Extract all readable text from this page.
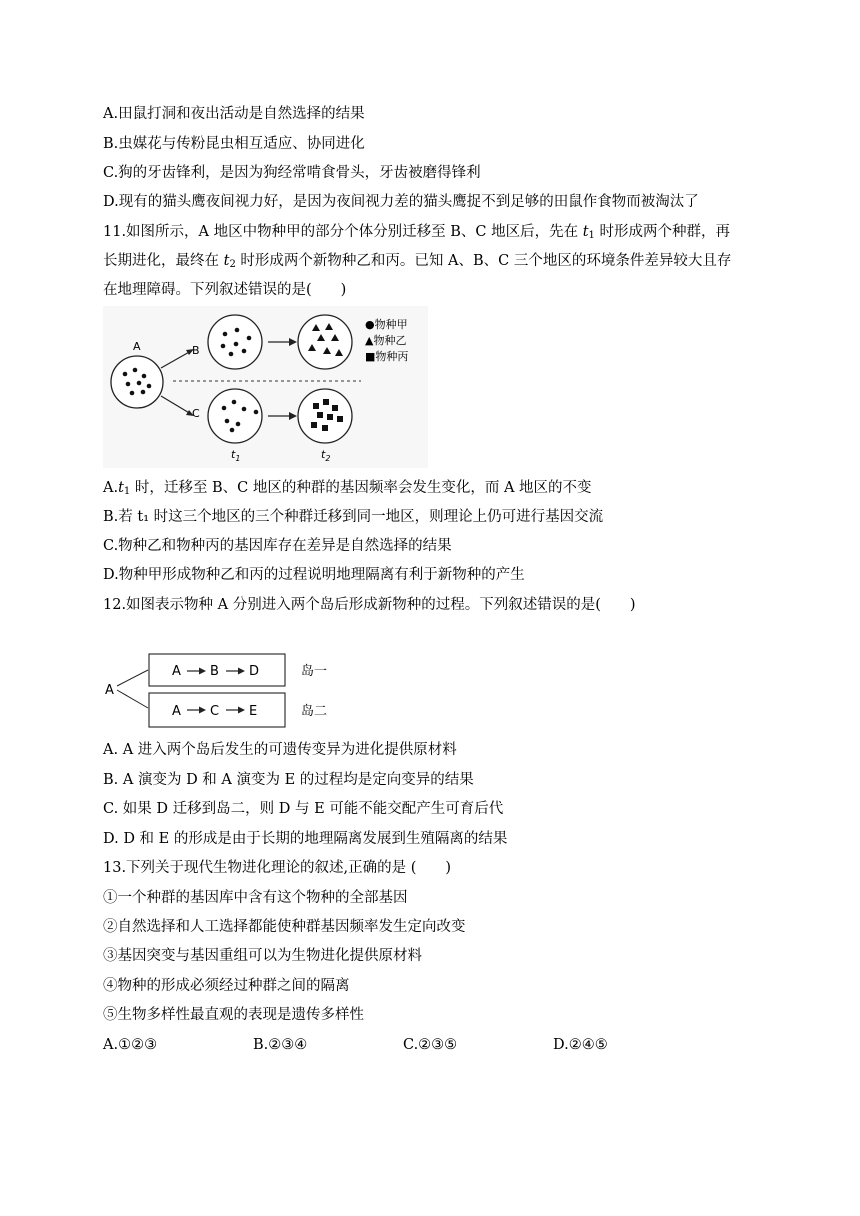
A.田鼠打洞和夜出活动是自然选择的结果
B.虫媒花与传粉昆虫相互适应、协同进化
C.狗的牙齿锋利，是因为狗经常啃食骨头，牙齿被磨得锋利
D.现有的猫头鹰夜间视力好，是因为夜间视力差的猫头鹰捉不到足够的田鼠作食物而被淘汰了
11.如图所示，A 地区中物种甲的部分个体分别迁移至 B、C 地区后，先在 $t_1$ 时形成两个种群，再
长期进化，最终在 $t_2$ 时形成两个新物种乙和丙。已知 A、B、C 三个地区的环境条件差异较大且存
在地理障碍。下列叙述错误的是(　　)
A	B
C
●物种甲
▲物种乙
■物种丙
$t_1$	$t_2$
$A.t_1$ 时，迁移至 B、C 地区的种群的基因频率会发生变化，而 A 地区的不变
B.若 t₁ 时这三个地区的三个种群迁移到同一地区，则理论上仍可进行基因交流
C.物种乙和物种丙的基因库存在差异是自然选择的结果
D.物种甲形成物种乙和丙的过程说明地理隔离有利于新物种的产生
12.如图表示物种 A 分别进入两个岛后形成新物种的过程。下列叙述错误的是(　　)
A
A B D
A C E
岛一
岛二
A. A 进入两个岛后发生的可遗传变异为进化提供原材料
B. A 演变为 D 和 A 演变为 E 的过程均是定向变异的结果
C. 如果 D 迁移到岛二，则 D 与 E 可能不能交配产生可育后代
D. D 和 E 的形成是由于长期的地理隔离发展到生殖隔离的结果
13.下列关于现代生物进化理论的叙述,正确的是 (　　)
①一个种群的基因库中含有这个物种的全部基因
②自然选择和人工选择都能使种群基因频率发生定向改变
③基因突变与基因重组可以为生物进化提供原材料
④物种的形成必须经过种群之间的隔离
⑤生物多样性最直观的表现是遗传多样性
A.①②③	B.②③④	C.②③⑤	D.②④⑤
